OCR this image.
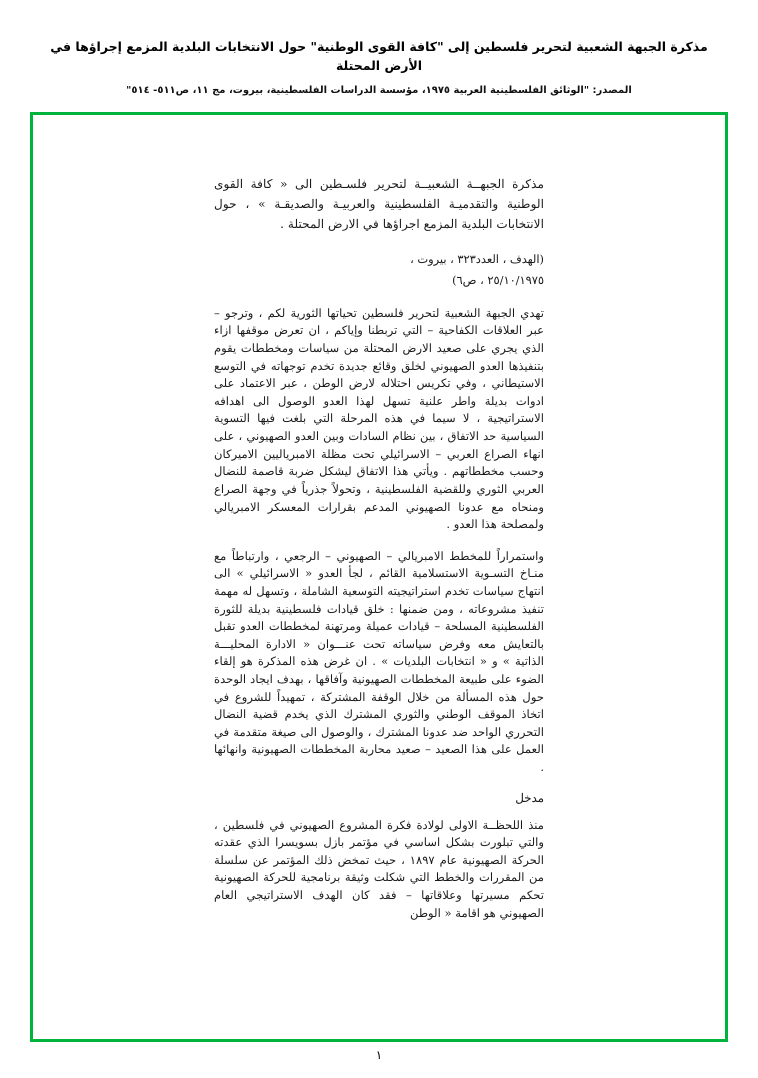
مذكرة الجبهة الشعبية لتحرير فلسطين إلى "كافة القوى الوطنية" حول الانتخابات البلدية المزمع إجراؤها في الأرض المحتلة
المصدر: "الوثائق الفلسطينية العربية ١٩٧٥، مؤسسة الدراسات الفلسطينية، بيروت، مج ١١، ص٥١١- ٥١٤"
مذكرة الجبهــة الشعبيــة لتحرير فلسـطين الى « كافة القوى الوطنية والتقدميـة الفلسطينية والعربيـة والصديقـة » ، حول الانتخابات البلدية المزمع اجراؤها في الارض المحتلة .
(الهدف ، العدد٣٢٣ ، بيروت ،
٢٥/١٠/١٩٧٥ ، ص٦)

تهدي الجبهة الشعبية لتحرير فلسطين تحياتها الثورية لكم ، وترجو – عبر العلاقات الكفاحية – التي تربطنا وإياكم ، ان تعرض موقفها ازاء الذي يجري على صعيد الارض المحتلة من سياسات ومخططات يقوم بتنفيذها العدو الصهيوني لخلق وقائع جديدة تخدم توجهاته في التوسع الاستيطاني ، وفي تكريس احتلاله لارض الوطن ، عبر الاعتماد على ادوات بديلة واطر علنية تسهل لهذا العدو الوصول الى اهدافه الاستراتيجية ، لا سيما في هذه المرحلة التي بلغت فيها التسوية السياسية حد الاتفاق ، بين نظام السادات وبين العدو الصهيوني ، على انهاء الصراع العربي – الاسرائيلي تحت مظلة الامبرياليين الاميركان وحسب مخططاتهم . ويأتي هذا الاتفاق ليشكل ضربة قاصمة للنضال العربي الثوري وللقضية الفلسطينية ، وتحولاً جذرياً في وجهة الصراع ومنحاه مع عدونا الصهيوني المدعم بقرارات المعسكر الامبريالي ولمصلحة هذا العدو .

واستمراراً للمخطط الامبريالي – الصهيوني – الرجعي ، وارتباطاً مع منـاخ التسـوية الاستسلامية القائم ، لجأ العدو « الاسرائيلي » الى انتهاج سياسات تخدم استراتيجيته التوسعية الشاملة ، وتسهل له مهمة تنفيذ مشروعاته ، ومن ضمنها : خلق قيادات فلسطينية بديلة للثورة الفلسطينية المسلحة – قيادات عميلة ومرتهنة لمخططات العدو تقبل بالتعايش معه وفرض سياساته تحت عنـــوان « الادارة المحليـــة الذاتية » و « انتخابات البلديات » . ان غرض هذه المذكرة هو إلقاء الضوء على طبيعة المخططات الصهيونية وآفاقها ، بهدف ايجاد الوحدة حول هذه المسألة من خلال الوقفة المشتركة ، تمهيداً للشروع في اتخاذ الموقف الوطني والثوري المشترك الذي يخدم قضية النضال التحرري الواحد ضد عدونا المشترك ، والوصول الى صيغة متقدمة في العمل على هذا الصعيد – صعيد محاربة المخططات الصهيونية وانهائها .

مدخل

منذ اللحظــة الاولى لولادة فكرة المشروع الصهيوني في فلسطين ، والتي تبلورت بشكل اساسي في مؤتمر بازل بسويسرا الذي عقدته الحركة الصهيونية عام ١٨٩٧ ، حيث تمخض ذلك المؤتمر عن سلسلة من المقررات والخطط التي شكلت وثيقة برنامجية للحركة الصهيونية تحكم مسيرتها وعلاقاتها – فقد كان الهدف الاستراتيجي العام الصهيوني هو اقامة « الوطن

١
